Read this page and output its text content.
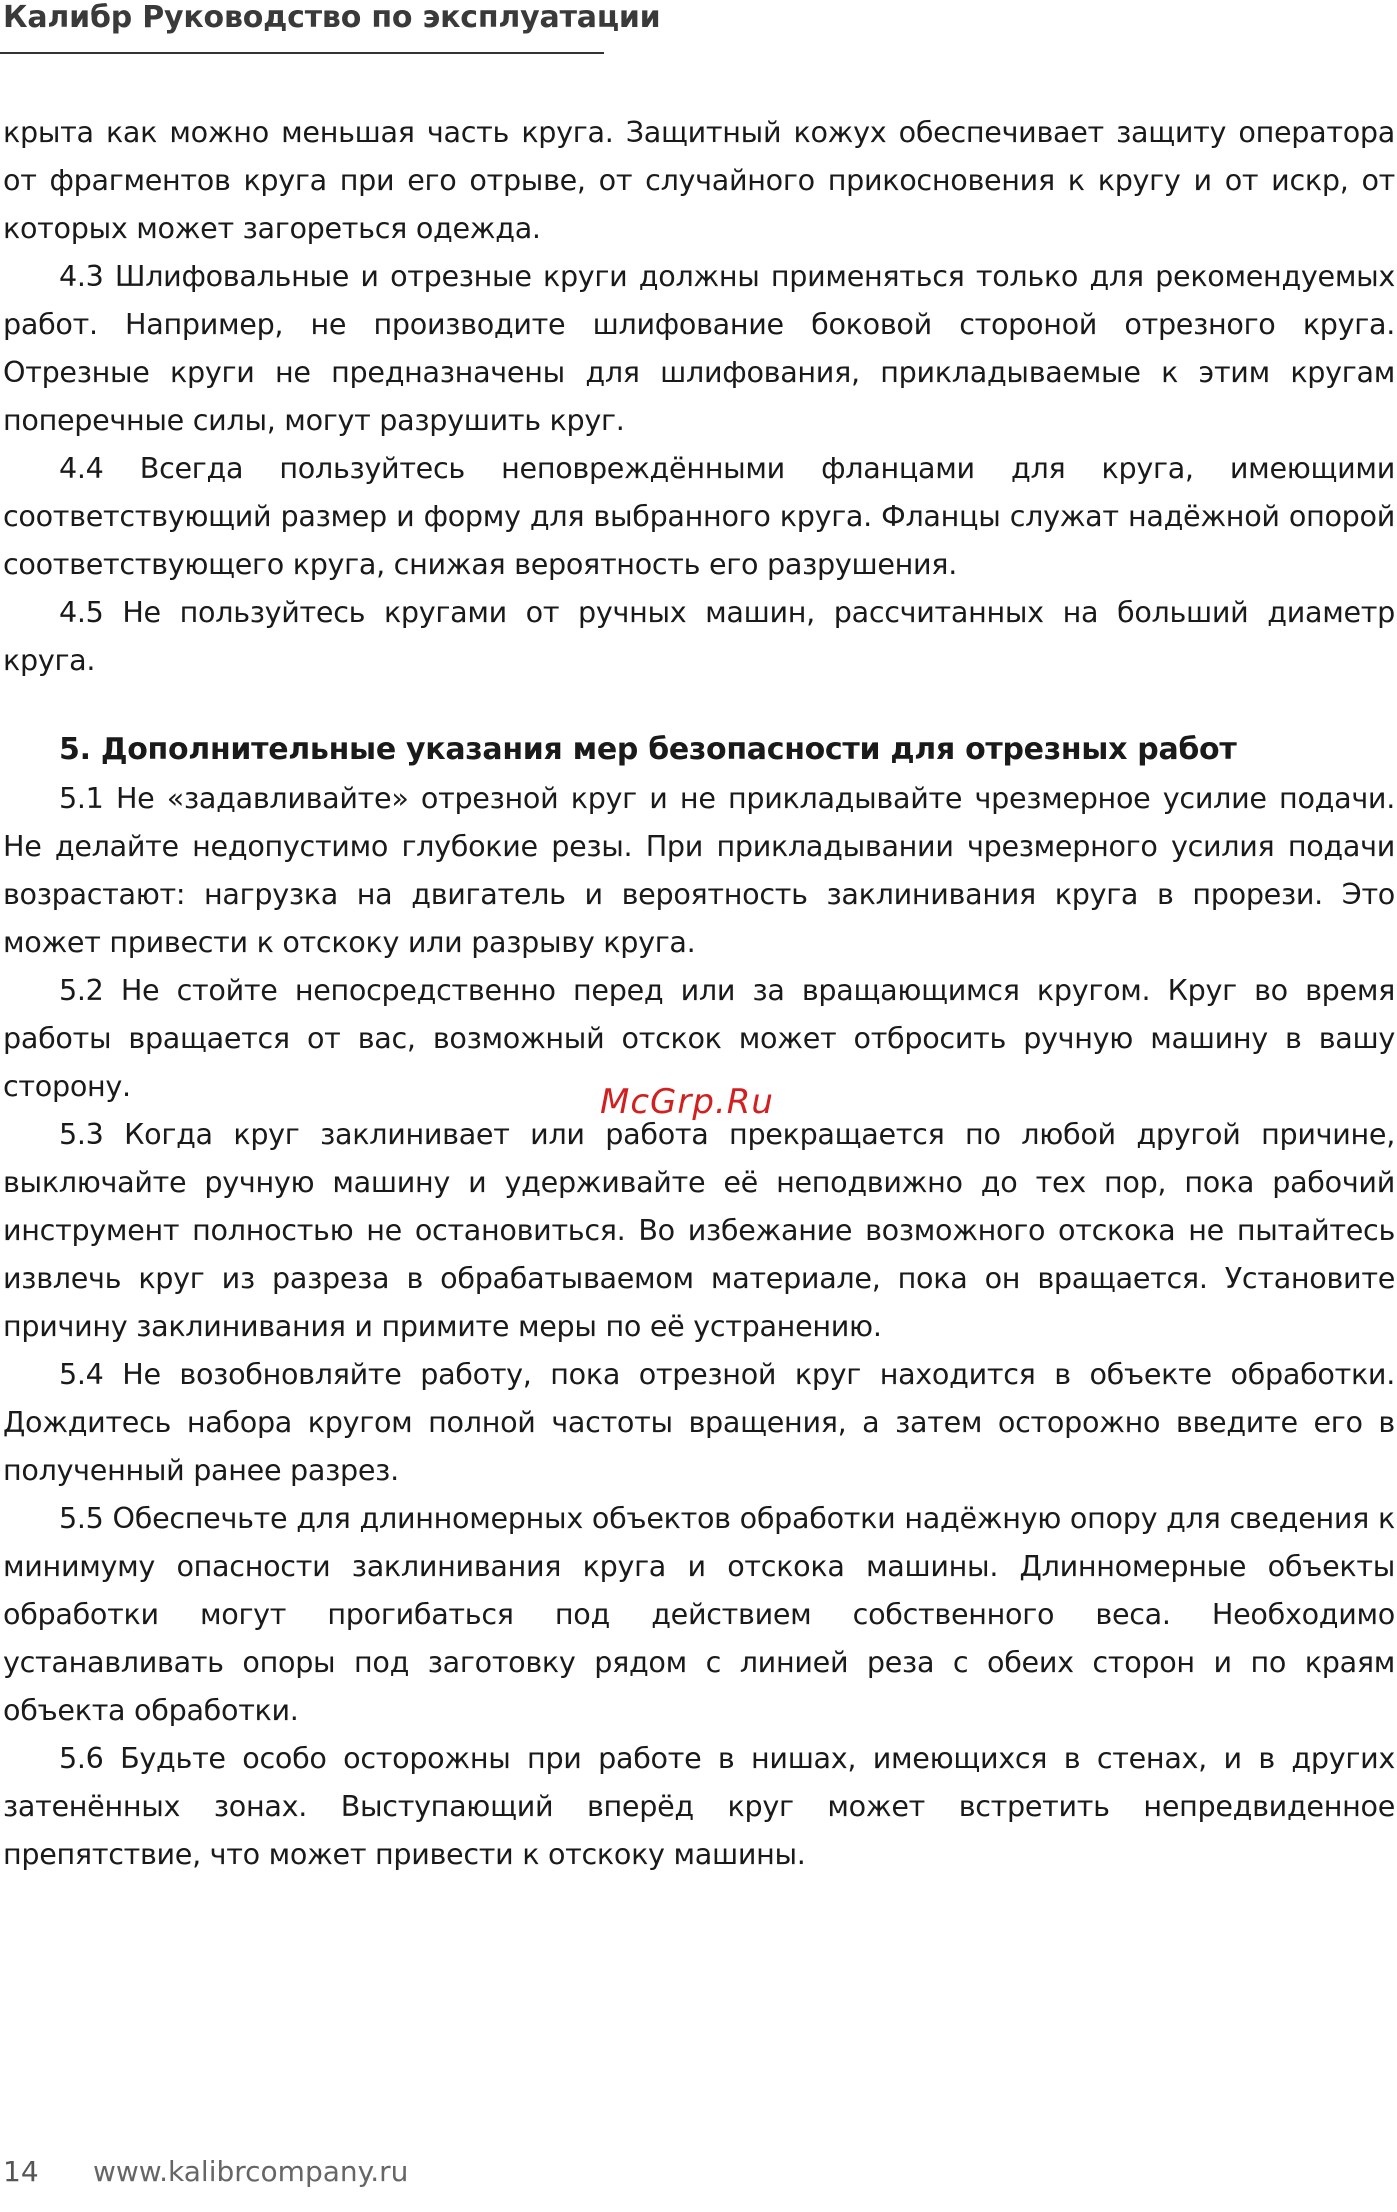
Калибр Руководство по эксплуатации

крыта как можно меньшая часть круга. Защитный кожух обеспечивает защиту оператора от фрагментов круга при его отрыве, от случайного прикосновения к кругу и от искр, от которых может загореться одежда.

4.3 Шлифовальные и отрезные круги должны применяться только для рекомендуемых работ. Например, не производите шлифование боковой стороной отрезного круга. Отрезные круги не предназначены для шлифования, прикладываемые к этим кругам поперечные силы, могут разрушить круг.

4.4 Всегда пользуйтесь неповреждёнными фланцами для круга, имеющими соответствующий размер и форму для выбранного круга. Фланцы служат надёжной опорой соответствующего круга, снижая вероятность его разрушения.

4.5 Не пользуйтесь кругами от ручных машин, рассчитанных на больший диаметр круга.

5. Дополнительные указания мер безопасности для отрезных работ

5.1 Не «задавливайте» отрезной круг и не прикладывайте чрезмерное усилие подачи. Не делайте недопустимо глубокие резы. При прикладывании чрезмерного усилия подачи возрастают: нагрузка на двигатель и вероятность заклинивания круга в прорези. Это может привести к отскоку или разрыву круга.

5.2 Не стойте непосредственно перед или за вращающимся кругом. Круг во время работы вращается от вас, возможный отскок может отбросить ручную машину в вашу сторону.

5.3 Когда круг заклинивает или работа прекращается по любой другой причине, выключайте ручную машину и удерживайте её неподвижно до тех пор, пока рабочий инструмент полностью не остановиться. Во избежание возможного отскока не пытайтесь извлечь круг из разреза в обрабатываемом материале, пока он вращается. Установите причину заклинивания и примите меры по её устранению.

5.4 Не возобновляйте работу, пока отрезной круг находится в объекте обработки. Дождитесь набора кругом полной частоты вращения, а затем осторожно введите его в полученный ранее разрез.

5.5 Обеспечьте для длинномерных объектов обработки надёжную опору для сведения к минимуму опасности заклинивания круга и отскока машины. Длинномерные объекты обработки могут прогибаться под действием собственного веса. Необходимо устанавливать опоры под заготовку рядом с линией реза с обеих сторон и по краям объекта обработки.

5.6 Будьте особо осторожны при работе в нишах, имеющихся в стенах, и в других затенённых зонах. Выступающий вперёд круг может встретить непредвиденное препятствие, что может привести к отскоку машины.

McGrp.Ru
14 www.kalibrcompany.ru
